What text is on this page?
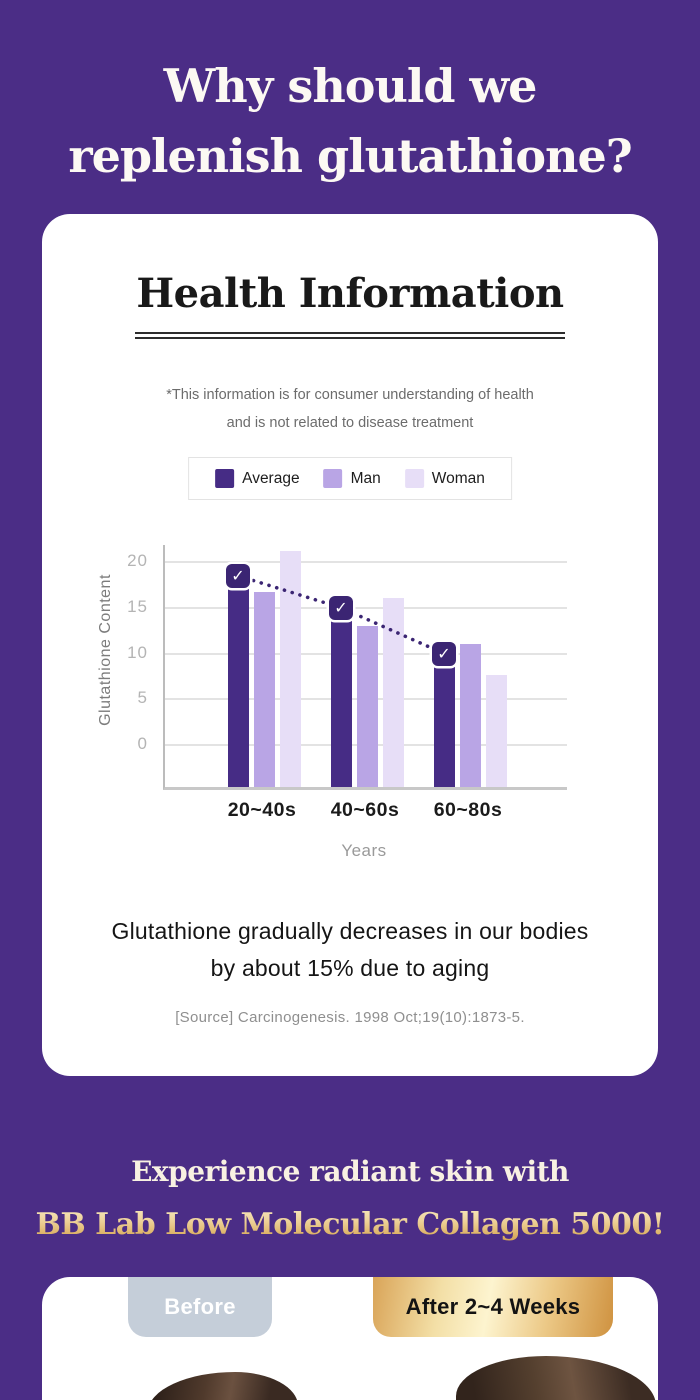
Why should we
replenish glutathione?
Health Information

*This information is for consumer understanding of health
and is not related to disease treatment

Average	Man	Woman
Glutathione Content	✓
✓
✓
Years
20
15
10
5
0
20~40s	40~60s	60~80s

Glutathione gradually decreases in our bodies
by about 15% due to aging

[Source] Carcinogenesis. 1998 Oct;19(10):1873-5.

Experience radiant skin with
BB Lab Low Molecular Collagen 5000!
Before	After 2~4 Weeks
